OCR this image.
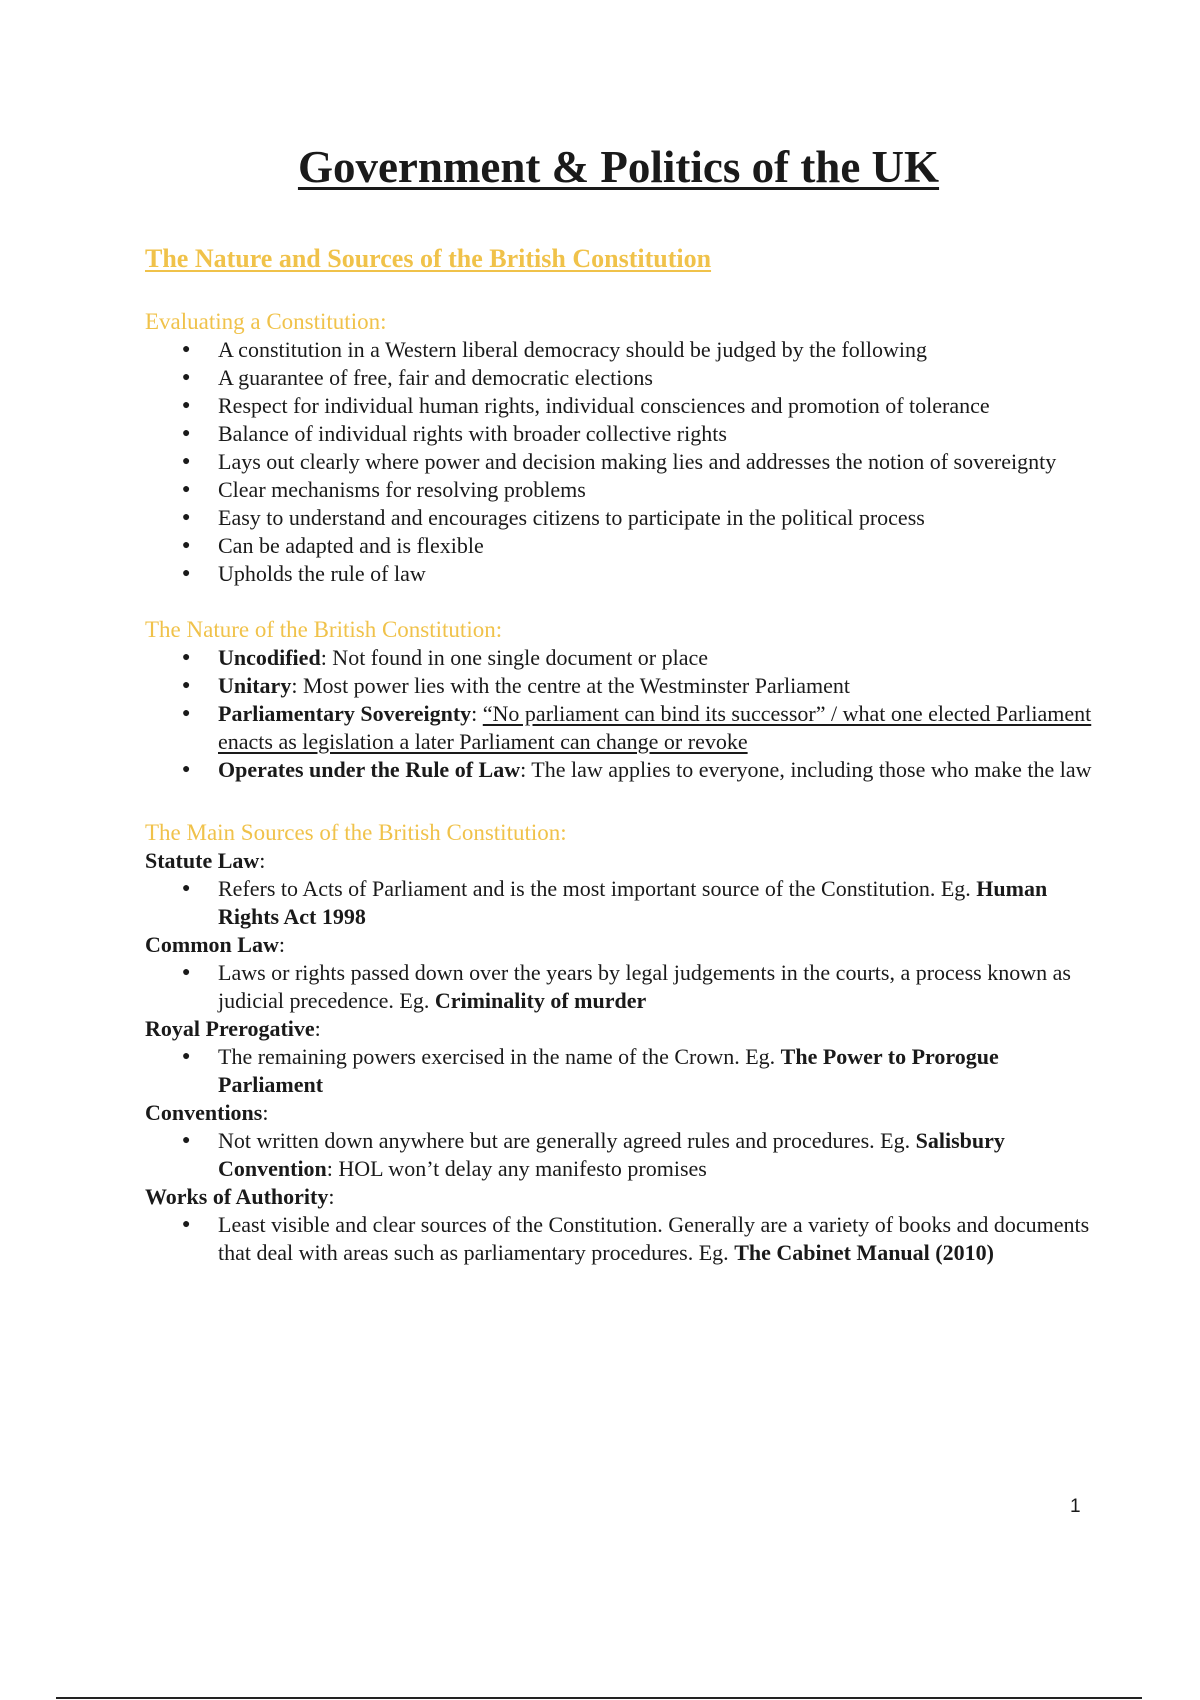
Government & Politics of the UK
The Nature and Sources of the British Constitution

Evaluating a Constitution:

● A constitution in a Western liberal democracy should be judged by the following
● A guarantee of free, fair and democratic elections
● Respect for individual human rights, individual consciences and promotion of tolerance
● Balance of individual rights with broader collective rights
● Lays out clearly where power and decision making lies and addresses the notion of sovereignty
● Clear mechanisms for resolving problems
● Easy to understand and encourages citizens to participate in the political process
● Can be adapted and is flexible
● Upholds the rule of law

The Nature of the British Constitution:

● Uncodified: Not found in one single document or place
● Unitary: Most power lies with the centre at the Westminster Parliament
● Parliamentary Sovereignty: “No parliament can bind its successor” / what one elected Parliament enacts as legislation a later Parliament can change or revoke
● Operates under the Rule of Law: The law applies to everyone, including those who make the law

The Main Sources of the British Constitution:

Statute Law:

● Refers to Acts of Parliament and is the most important source of the Constitution. Eg. Human Rights Act 1998

Common Law:

● Laws or rights passed down over the years by legal judgements in the courts, a process known as judicial precedence. Eg. Criminality of murder

Royal Prerogative:

● The remaining powers exercised in the name of the Crown. Eg. The Power to Prorogue Parliament

Conventions:

● Not written down anywhere but are generally agreed rules and procedures. Eg. Salisbury Convention: HOL won’t delay any manifesto promises

Works of Authority:

● Least visible and clear sources of the Constitution. Generally are a variety of books and documents that deal with areas such as parliamentary procedures. Eg. The Cabinet Manual (2010)
1
